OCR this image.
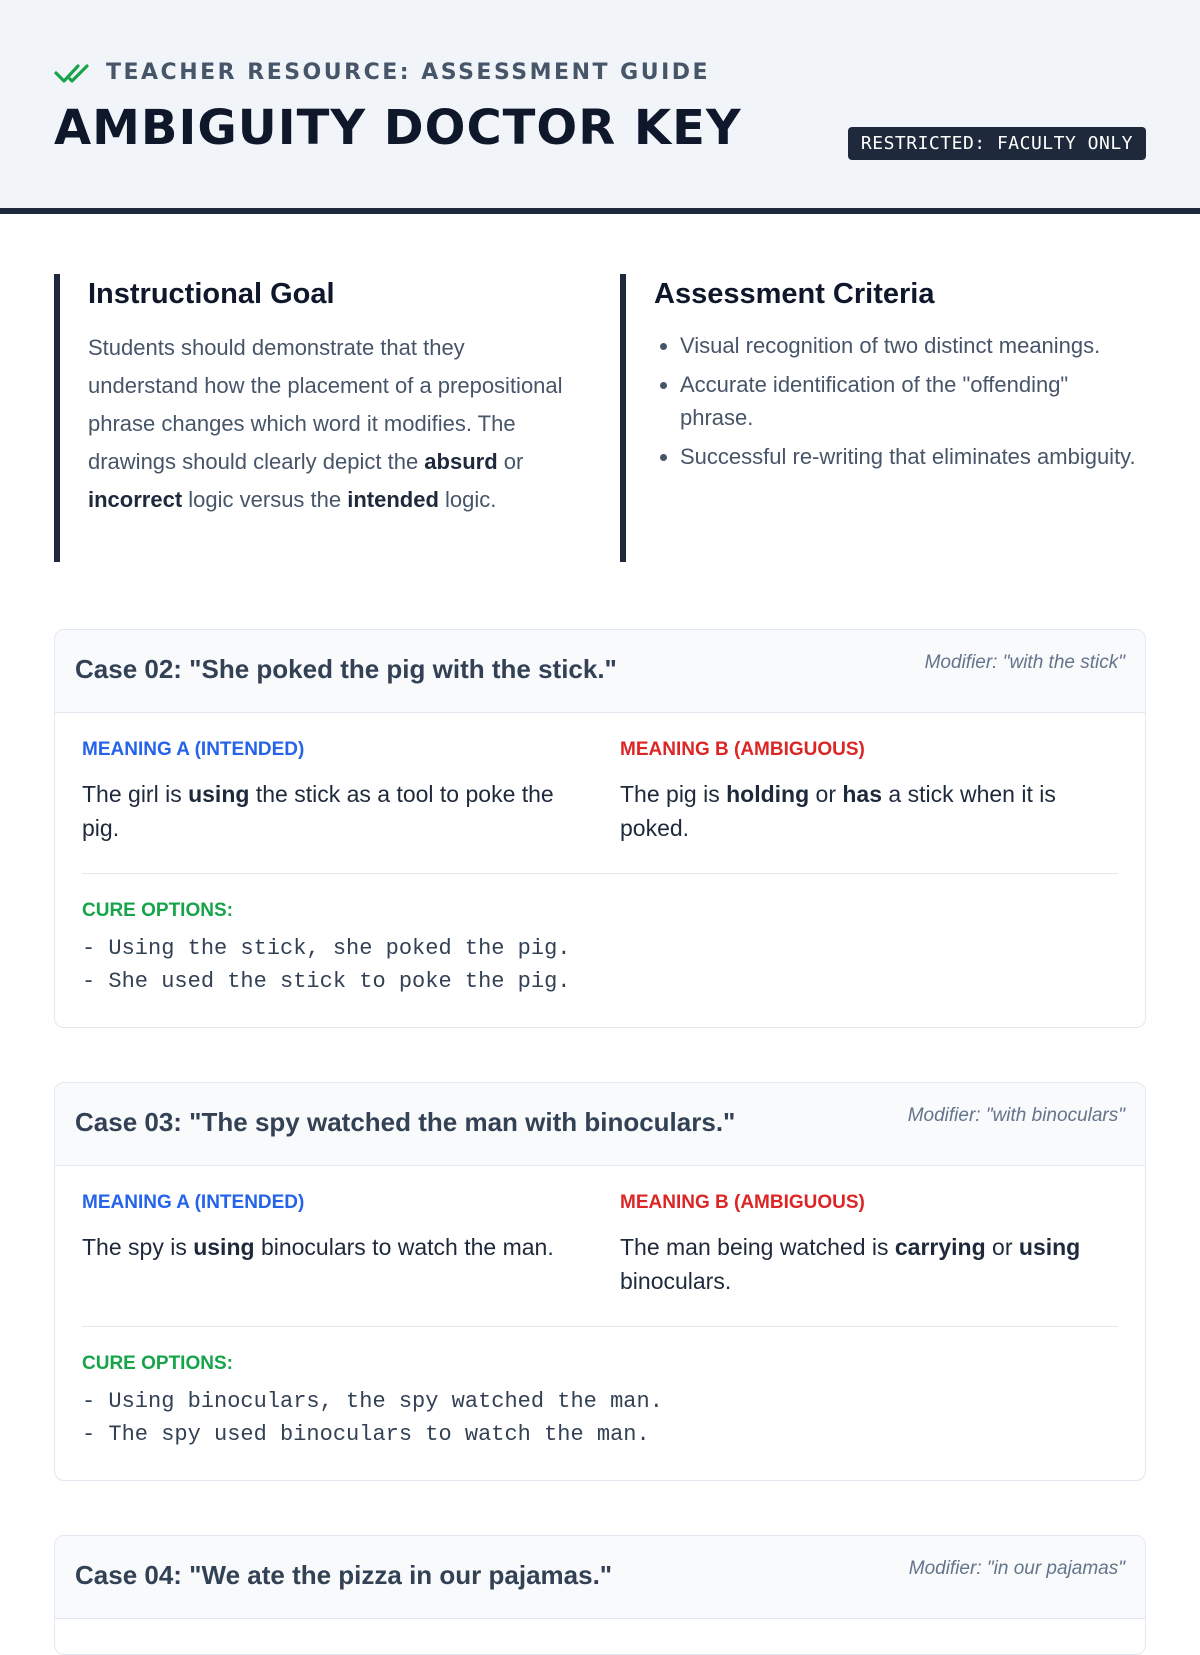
TEACHER RESOURCE: ASSESSMENT GUIDE
AMBIGUITY DOCTOR KEY	RESTRICTED: FACULTY ONLY
Instructional Goal

Students should demonstrate that they understand how the placement of a prepositional phrase changes which word it modifies. The drawings should clearly depict the absurd or incorrect logic versus the intended logic.

Assessment Criteria
• Visual recognition of two distinct meanings.
• Accurate identification of the "offending" phrase.
• Successful re-writing that eliminates ambiguity.
Case 02: "She poked the pig with the stick."	Modifier: "with the stick"
MEANING A (INTENDED)

The girl is using the stick as a tool to poke the pig.

MEANING B (AMBIGUOUS)

The pig is holding or has a stick when it is poked.

CURE OPTIONS:
- Using the stick, she poked the pig.
- She used the stick to poke the pig.
Case 03: "The spy watched the man with binoculars."	Modifier: "with binoculars"
MEANING A (INTENDED)

The spy is using binoculars to watch the man.

MEANING B (AMBIGUOUS)

The man being watched is carrying or using binoculars.

CURE OPTIONS:
- Using binoculars, the spy watched the man.
- The spy used binoculars to watch the man.
Case 04: "We ate the pizza in our pajamas."	Modifier: "in our pajamas"
